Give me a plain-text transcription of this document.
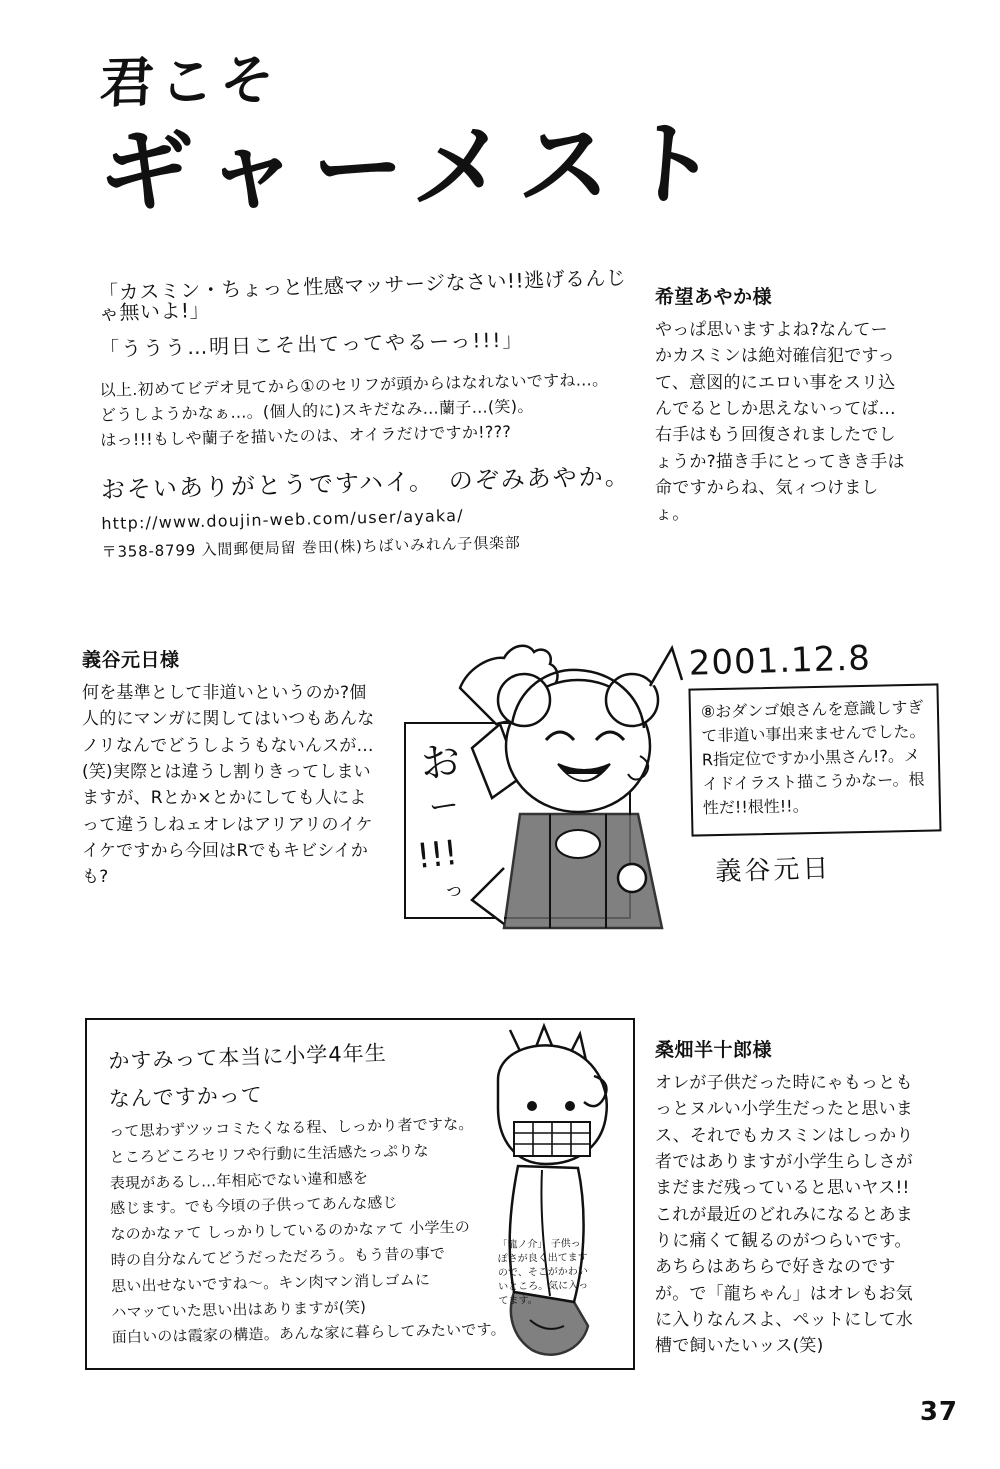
君こそ
ギャーメスト
「カスミン・ちょっと性感マッサージなさい!!逃げるんじゃ無いよ!」
「ううう…明日こそ出てってやるーっ!!!」
以上.初めてビデオ見てから①のセリフが頭からはなれないですね…。
どうしようかなぁ…。(個人的に)スキだなみ…蘭子…(笑)。
はっ!!!もしや蘭子を描いたのは、オイラだけですか!???
おそいありがとうですハイ。　のぞみあやか。
http://www.doujin-web.com/user/ayaka/
〒358-8799 入間郵便局留 巻田(株)ちばいみれん子倶楽部
希望あやか様
やっぱ思いますよね?なんてーかカスミンは絶対確信犯ですって、意図的にエロい事をスリ込んでるとしか思えないってば…右手はもう回復されましたでしょうか?描き手にとってきき手は命ですからね、気ィつけましょ。
義谷元日様
何を基準として非道いというのか?個人的にマンガに関してはいつもあんなノリなんでどうしようもないんスが…(笑)実際とは違うし割りきってしまいますが、Rとか×とかにしても人によって違うしねェオレはアリアリのイケイケですから今回はRでもキビシイかも?
お
ー
!!!
っ
2001.12.8
⑧おダンゴ娘さんを意識しすぎて非道い事出来ませんでした。R指定位ですか小黒さん!?。メイドイラスト描こうかなー。根性だ!!根性!!。
義谷元日
かすみって本当に小学4年生
なんですかって
って思わずツッコミたくなる程、しっかり者ですな。
ところどころセリフや行動に生活感たっぷりな
表現があるし…年相応でない違和感を
感じます。でも今頃の子供ってあんな感じ
なのかなァて しっかりしているのかなァて 小学生の
時の自分なんてどうだっただろう。もう昔の事で
思い出せないですね〜。キン肉マン消しゴムに
ハマッていた思い出はありますが(笑)
面白いのは霞家の構造。あんな家に暮らしてみたいです。
「龍ノ介」 子供っぽさが良く出てますので、そこがかわいいところ。気に入ってます。
桑畑半十郎様
オレが子供だった時にゃもっともっとヌルい小学生だったと思いまス、それでもカスミンはしっかり者ではありますが小学生らしさがまだまだ残っていると思いヤス!!これが最近のどれみになるとあまりに痛くて観るのがつらいです。あちらはあちらで好きなのですが。で「龍ちゃん」はオレもお気に入りなんスよ、ペットにして水槽で飼いたいッス(笑)
37
